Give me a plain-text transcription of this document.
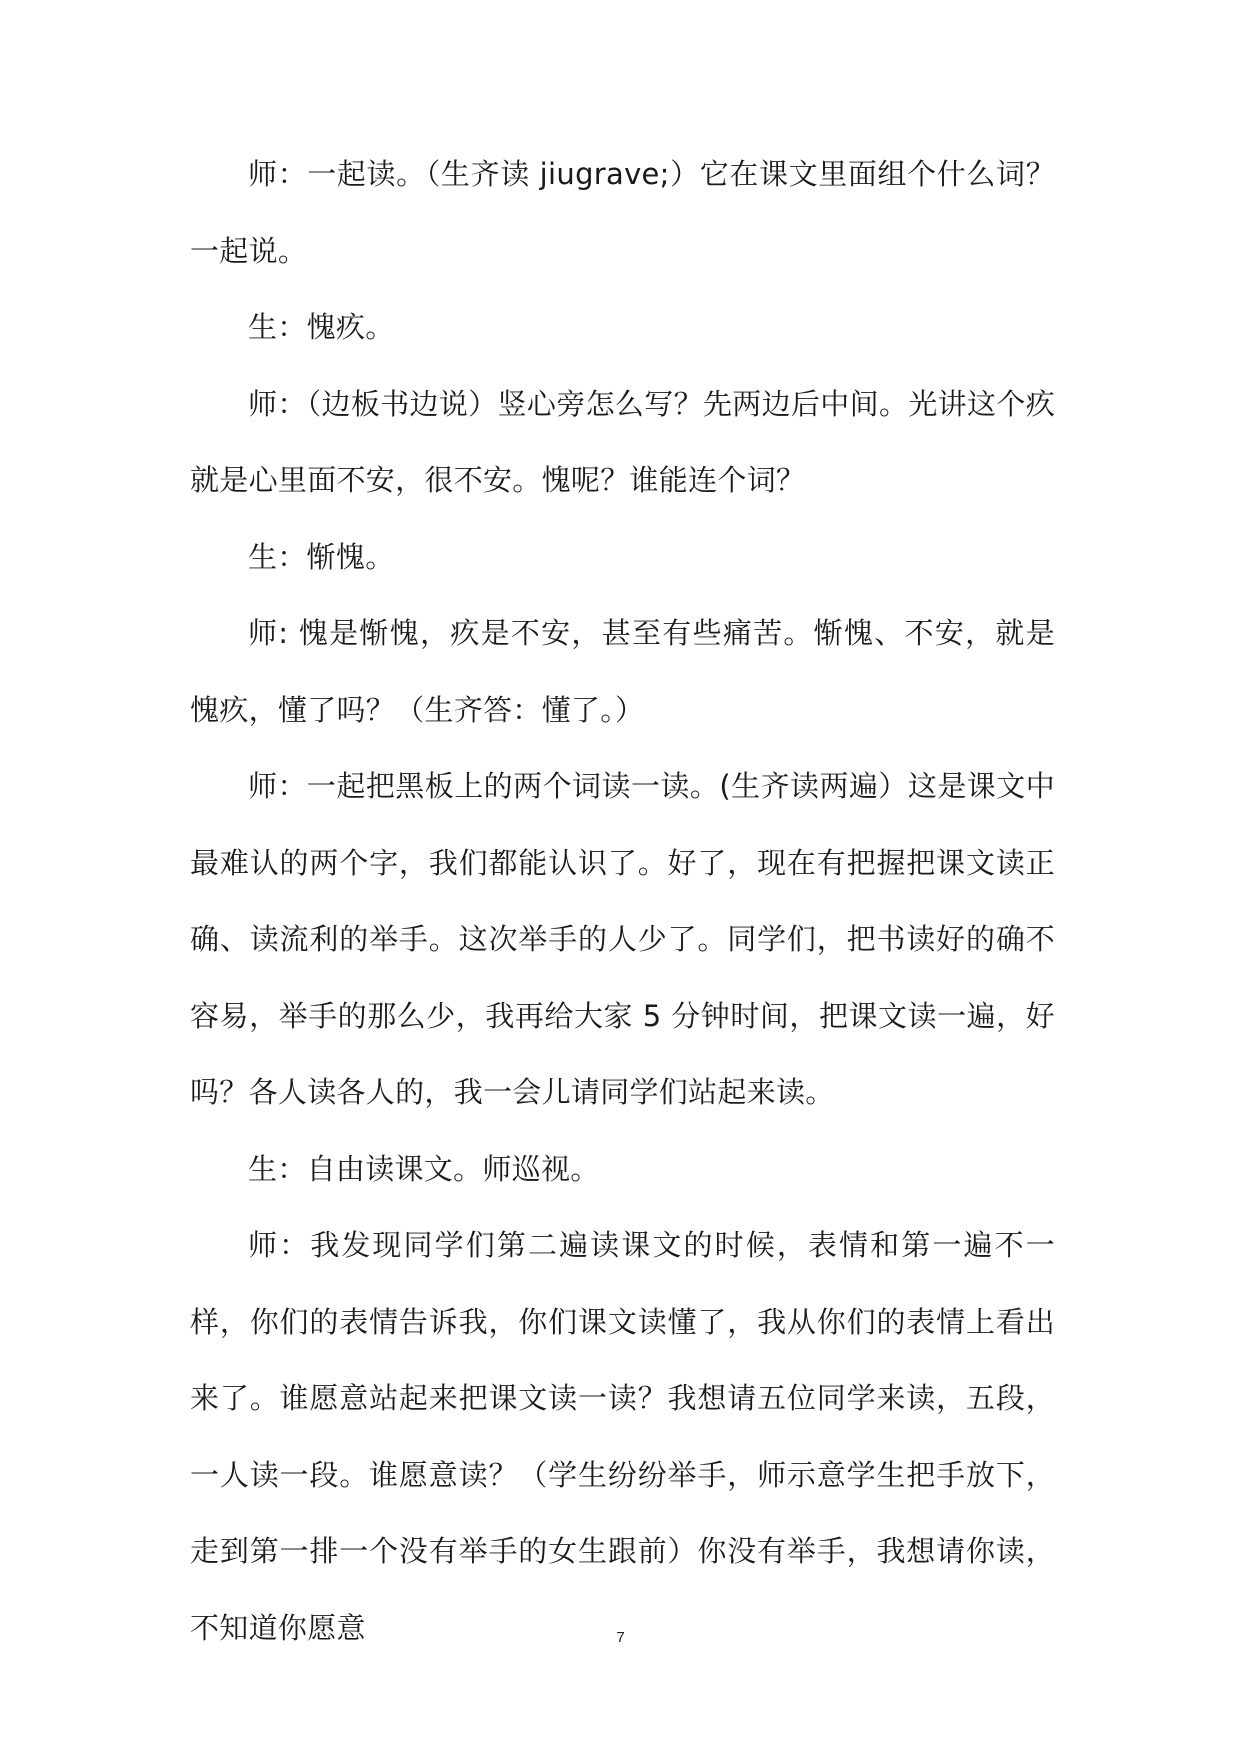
师：一起读。（生齐读 jiugrave;）它在课文里面组个什么词？一起说。

生：愧疚。

师：（边板书边说）竖心旁怎么写？先两边后中间。光讲这个疚就是心里面不安，很不安。愧呢？谁能连个词？

生：惭愧。

师: 愧是惭愧，疚是不安，甚至有些痛苦。惭愧、不安，就是愧疚，懂了吗？（生齐答：懂了。）

师：一起把黑板上的两个词读一读。(生齐读两遍）这是课文中最难认的两个字，我们都能认识了。好了，现在有把握把课文读正确、读流利的举手。这次举手的人少了。同学们，把书读好的确不容易，举手的那么少，我再给大家 5 分钟时间，把课文读一遍，好吗？各人读各人的，我一会儿请同学们站起来读。

生：自由读课文。师巡视。

师：我发现同学们第二遍读课文的时候，表情和第一遍不一样，你们的表情告诉我，你们课文读懂了，我从你们的表情上看出来了。谁愿意站起来把课文读一读？我想请五位同学来读，五段，一人读一段。谁愿意读？（学生纷纷举手，师示意学生把手放下，走到第一排一个没有举手的女生跟前）你没有举手，我想请你读，不知道你愿意	7
